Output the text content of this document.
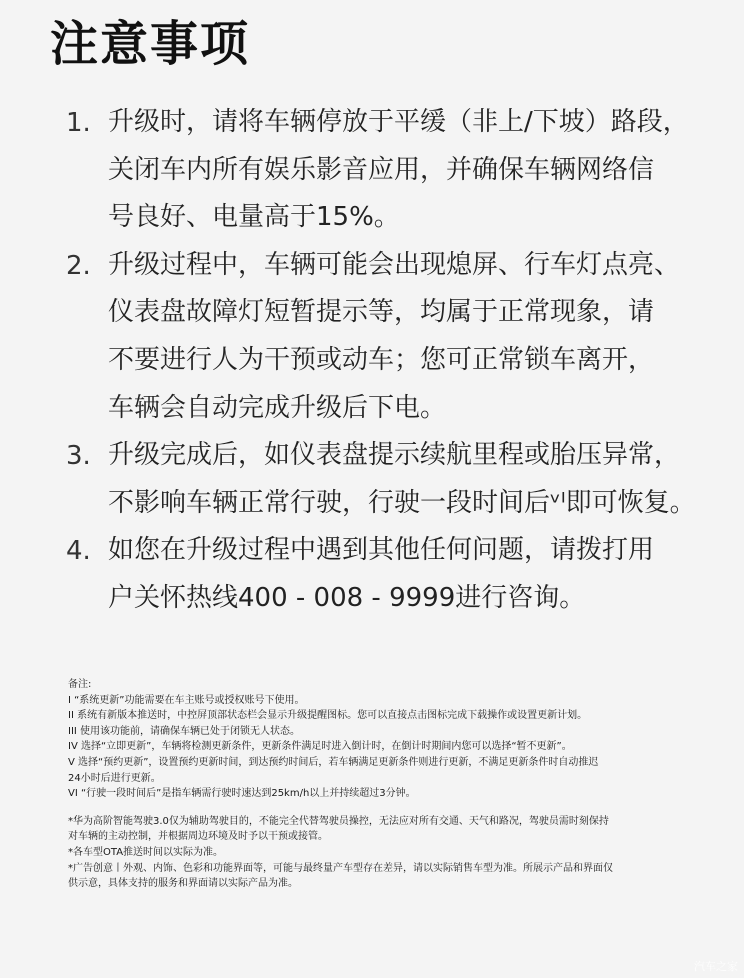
注意事项
1. 升级时，请将车辆停放于平缓（非上/下坡）路段，
关闭车内所有娱乐影音应用，并确保车辆网络信
号良好、电量高于15%。
2. 升级过程中，车辆可能会出现熄屏、行车灯点亮、
仪表盘故障灯短暂提示等，均属于正常现象，请
不要进行人为干预或动车；您可正常锁车离开，
车辆会自动完成升级后下电。
3. 升级完成后，如仪表盘提示续航里程或胎压异常，
不影响车辆正常行驶，行驶一段时间后ᵛᴵ即可恢复。
4. 如您在升级过程中遇到其他任何问题，请拨打用
户关怀热线400 - 008 - 9999进行咨询。
备注:
I “系统更新”功能需要在车主账号或授权账号下使用。
II 系统有新版本推送时，中控屏顶部状态栏会显示升级提醒图标。您可以直接点击图标完成下载操作或设置更新计划。
III 使用该功能前，请确保车辆已处于闭锁无人状态。
IV 选择“立即更新”，车辆将检测更新条件，更新条件满足时进入倒计时，在倒计时期间内您可以选择“暂不更新”。
V 选择“预约更新”，设置预约更新时间，到达预约时间后，若车辆满足更新条件则进行更新，不满足更新条件时自动推迟
24小时后进行更新。
VI “行驶一段时间后”是指车辆需行驶时速达到25km/h以上并持续超过3分钟。
*华为高阶智能驾驶3.0仅为辅助驾驶目的，不能完全代替驾驶员操控，无法应对所有交通、天气和路况，驾驶员需时刻保持
对车辆的主动控制，并根据周边环境及时予以干预或接管。
*各车型OTA推送时间以实际为准。
*广告创意丨外观、内饰、色彩和功能界面等，可能与最终量产车型存在差异，请以实际销售车型为准。所展示产品和界面仅
供示意，具体支持的服务和界面请以实际产品为准。
汽车之家
